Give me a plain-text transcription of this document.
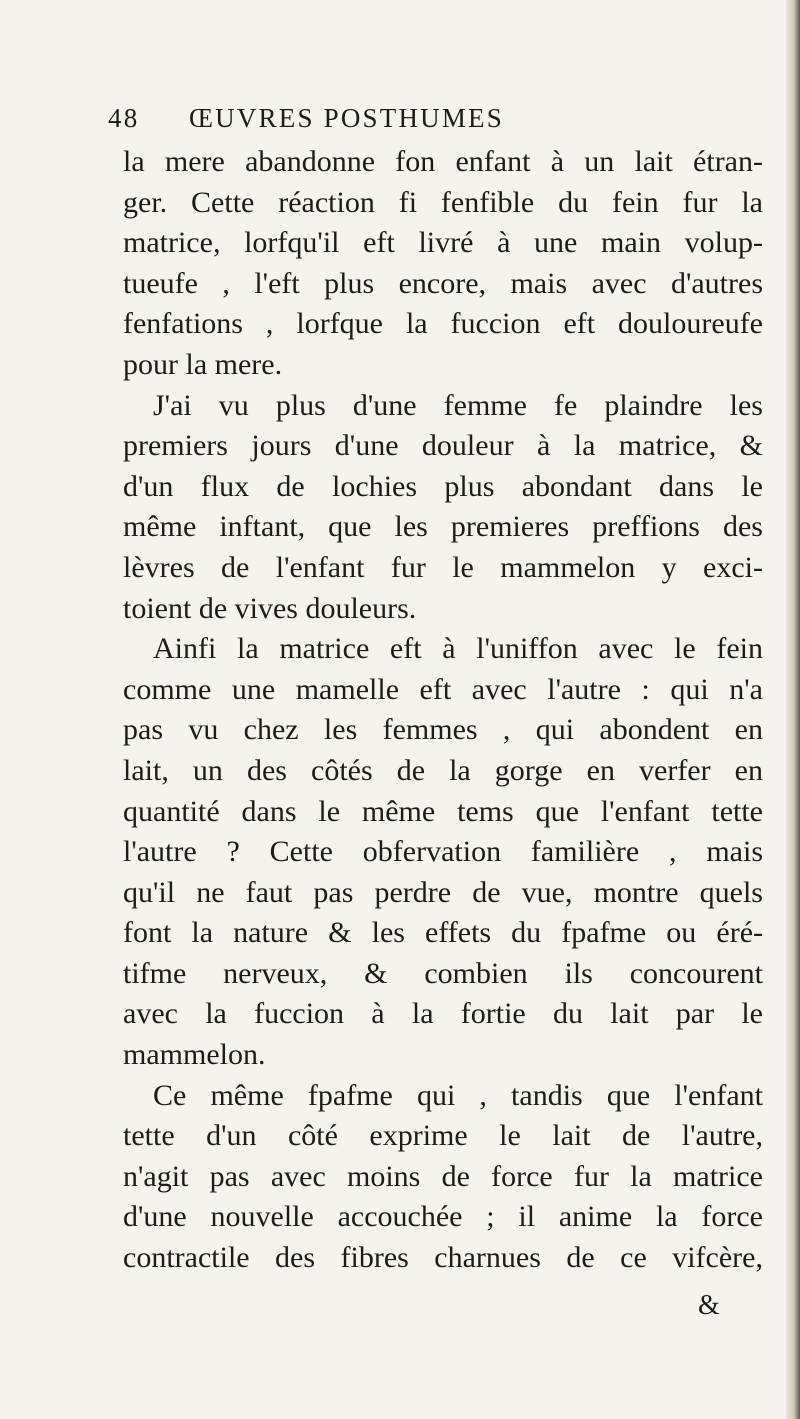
48 ŒUVRES POSTHUMES
la mere abandonne fon enfant à un lait étran-
ger. Cette réaction fi fenfible du fein fur la
matrice, lorfqu'il eft livré à une main volup-
tueufe , l'eft plus encore, mais avec d'autres
fenfations , lorfque la fuccion eft douloureufe
pour la mere.
J'ai vu plus d'une femme fe plaindre les
premiers jours d'une douleur à la matrice, &
d'un flux de lochies plus abondant dans le
même inftant, que les premieres preffions des
lèvres de l'enfant fur le mammelon y exci-
toient de vives douleurs.
Ainfi la matrice eft à l'uniffon avec le fein
comme une mamelle eft avec l'autre : qui n'a
pas vu chez les femmes , qui abondent en
lait, un des côtés de la gorge en verfer en
quantité dans le même tems que l'enfant tette
l'autre ? Cette obfervation familière , mais
qu'il ne faut pas perdre de vue, montre quels
font la nature & les effets du fpafme ou éré-
tifme nerveux, & combien ils concourent
avec la fuccion à la fortie du lait par le
mammelon.
Ce même fpafme qui , tandis que l'enfant
tette d'un côté exprime le lait de l'autre,
n'agit pas avec moins de force fur la matrice
d'une nouvelle accouchée ; il anime la force
contractile des fibres charnues de ce vifcère,
&
